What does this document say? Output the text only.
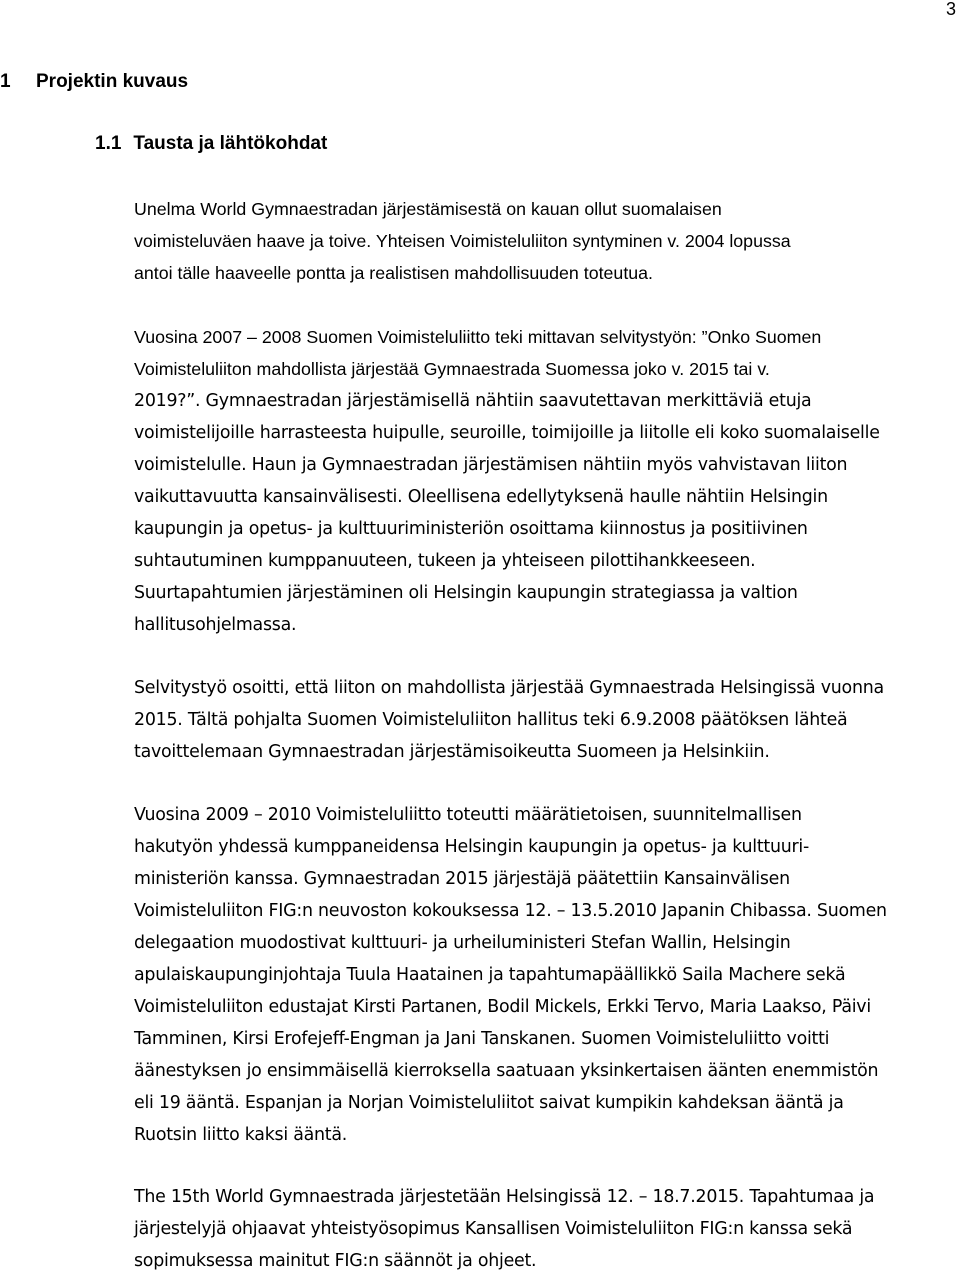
3
1 Projektin kuvaus
1.1 Tausta ja lähtökohdat
Unelma World Gymnaestradan järjestämisestä on kauan ollut suomalaisen
voimisteluväen haave ja toive. Yhteisen Voimisteluliiton syntyminen v. 2004 lopussa
antoi tälle haaveelle pontta ja realistisen mahdollisuuden toteutua.
Vuosina 2007 – 2008 Suomen Voimisteluliitto teki mittavan selvitystyön: ”Onko Suomen
Voimisteluliiton mahdollista järjestää Gymnaestrada Suomessa joko v. 2015 tai v.
2019?”. Gymnaestradan järjestämisellä nähtiin saavutettavan merkittäviä etuja
voimistelijoille harrasteesta huipulle, seuroille, toimijoille ja liitolle eli koko suomalaiselle
voimistelulle. Haun ja Gymnaestradan järjestämisen nähtiin myös vahvistavan liiton
vaikuttavuutta kansainvälisesti. Oleellisena edellytyksenä haulle nähtiin Helsingin
kaupungin ja opetus- ja kulttuuriministeriön osoittama kiinnostus ja positiivinen
suhtautuminen kumppanuuteen, tukeen ja yhteiseen pilottihankkeeseen.
Suurtapahtumien järjestäminen oli Helsingin kaupungin strategiassa ja valtion
hallitusohjelmassa.
Selvitystyö osoitti, että liiton on mahdollista järjestää Gymnaestrada Helsingissä vuonna
2015. Tältä pohjalta Suomen Voimisteluliiton hallitus teki 6.9.2008 päätöksen lähteä
tavoittelemaan Gymnaestradan järjestämisoikeutta Suomeen ja Helsinkiin.
Vuosina 2009 – 2010 Voimisteluliitto toteutti määrätietoisen, suunnitelmallisen
hakutyön yhdessä kumppaneidensa Helsingin kaupungin ja opetus- ja kulttuuri-
ministeriön kanssa. Gymnaestradan 2015 järjestäjä päätettiin Kansainvälisen
Voimisteluliiton FIG:n neuvoston kokouksessa 12. – 13.5.2010 Japanin Chibassa. Suomen
delegaation muodostivat kulttuuri- ja urheiluministeri Stefan Wallin, Helsingin
apulaiskaupunginjohtaja Tuula Haatainen ja tapahtumapäällikkö Saila Machere sekä
Voimisteluliiton edustajat Kirsti Partanen, Bodil Mickels, Erkki Tervo, Maria Laakso, Päivi
Tamminen, Kirsi Erofejeff-Engman ja Jani Tanskanen. Suomen Voimisteluliitto voitti
äänestyksen jo ensimmäisellä kierroksella saatuaan yksinkertaisen äänten enemmistön
eli 19 ääntä. Espanjan ja Norjan Voimisteluliitot saivat kumpikin kahdeksan ääntä ja
Ruotsin liitto kaksi ääntä.
The 15th World Gymnaestrada järjestetään Helsingissä 12. – 18.7.2015. Tapahtumaa ja
järjestelyjä ohjaavat yhteistyösopimus Kansallisen Voimisteluliiton FIG:n kanssa sekä
sopimuksessa mainitut FIG:n säännöt ja ohjeet.
